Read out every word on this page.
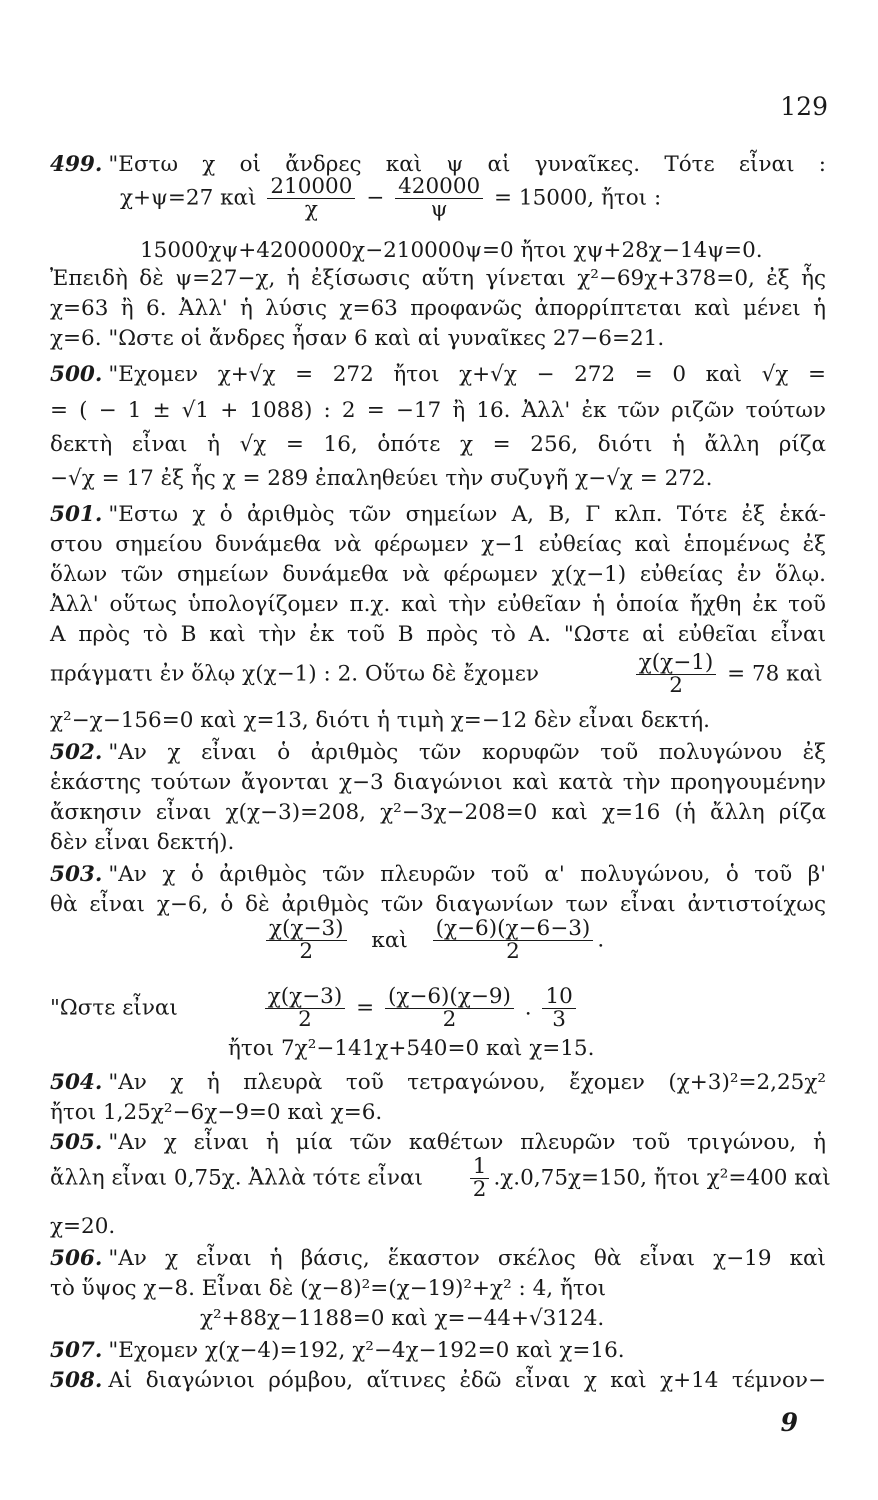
129
499. "Εστω χ οἱ ἄνδρες καὶ ψ αἱ γυναῖκες. Τότε εἶναι :
χ+ψ=27 καὶ $\frac{210000}{\chi} - \frac{420000}{\psi} = 15000$, ἤτοι :
15000χψ+4200000χ−210000ψ=0 ἤτοι χψ+28χ−14ψ=0.
Ἐπειδὴ δὲ ψ=27−χ, ἡ ἐξίσωσις αὕτη γίνεται χ²−69χ+378=0, ἐξ ἧς
χ=63 ἢ 6. Ἀλλ' ἡ λύσις χ=63 προφανῶς ἀπορρίπτεται καὶ μένει ἡ
χ=6. "Ωστε οἱ ἄνδρες ἦσαν 6 καὶ αἱ γυναῖκες 27−6=21.
500. "Εχομεν χ+√χ = 272 ἤτοι χ+√χ − 272 = 0 καὶ √χ =
= ( − 1 ± √1 + 1088) : 2 = −17 ἢ 16. Ἀλλ' ἐκ τῶν ριζῶν τούτων
δεκτὴ εἶναι ἡ √χ = 16, ὁπότε χ = 256, διότι ἡ ἄλλη ρίζα
−√χ = 17 ἐξ ἧς χ = 289 ἐπαληθεύει τὴν συζυγῆ χ−√χ = 272.
501. "Εστω χ ὁ ἀριθμὸς τῶν σημείων Α, Β, Γ κλπ. Τότε ἐξ ἑκά-
στου σημείου δυνάμεθα νὰ φέρωμεν χ−1 εὐθείας καὶ ἑπομένως ἐξ
ὅλων τῶν σημείων δυνάμεθα νὰ φέρωμεν χ(χ−1) εὐθείας ἐν ὅλῳ.
Ἀλλ' οὕτως ὑπολογίζομεν π.χ. καὶ τὴν εὐθεῖαν ἡ ὁποία ἤχθη ἐκ τοῦ
Α πρὸς τὸ Β καὶ τὴν ἐκ τοῦ Β πρὸς τὸ Α. "Ωστε αἱ εὐθεῖαι εἶναι
πράγματι ἐν ὅλῳ χ(χ−1) : 2. Οὕτω δὲ ἔχομεν	$\frac{\chi(\chi-1)}{2} = 78$ καὶ
χ²−χ−156=0 καὶ χ=13, διότι ἡ τιμὴ χ=−12 δὲν εἶναι δεκτή.
502. "Αν χ εἶναι ὁ ἀριθμὸς τῶν κορυφῶν τοῦ πολυγώνου ἐξ
ἑκάστης τούτων ἄγονται χ−3 διαγώνιοι καὶ κατὰ τὴν προηγουμένην
ἄσκησιν εἶναι χ(χ−3)=208, χ²−3χ−208=0 καὶ χ=16 (ἡ ἄλλη ρίζα
δὲν εἶναι δεκτή).
503. "Αν χ ὁ ἀριθμὸς τῶν πλευρῶν τοῦ α' πολυγώνου, ὁ τοῦ β'
θὰ εἶναι χ−6, ὁ δὲ ἀριθμὸς τῶν διαγωνίων των εἶναι ἀντιστοίχως
$\frac{\chi(\chi-3)}{2}$ καὶ $\frac{(\chi-6)(\chi-6-3)}{2}$ .
"Ωστε εἶναι	$\frac{\chi(\chi-3)}{2} = \frac{(\chi-6)(\chi-9)}{2}$ . $\frac{10}{3}$
ἤτοι 7χ²−141χ+540=0 καὶ χ=15.
504. "Αν χ ἡ πλευρὰ τοῦ τετραγώνου, ἔχομεν (χ+3)²=2,25χ²
ἤτοι 1,25χ²−6χ−9=0 καὶ χ=6.
505. "Αν χ εἶναι ἡ μία τῶν καθέτων πλευρῶν τοῦ τριγώνου, ἡ
ἄλλη εἶναι 0,75χ. Ἀλλὰ τότε εἶναι $\frac{1}{2} .\chi.0,75\chi=150$, ἤτοι χ²=400 καὶ
χ=20.
506. "Αν χ εἶναι ἡ βάσις, ἕκαστον σκέλος θὰ εἶναι χ−19 καὶ
τὸ ὕψος χ−8. Εἶναι δὲ (χ−8)²=(χ−19)²+χ² : 4, ἤτοι
χ²+88χ−1188=0 καὶ χ=−44+√3124.
507. "Εχομεν χ(χ−4)=192, χ²−4χ−192=0 καὶ χ=16.
508. Αἱ διαγώνιοι ρόμβου, αἵτινες ἐδῶ εἶναι χ καὶ χ+14 τέμνον−
9
